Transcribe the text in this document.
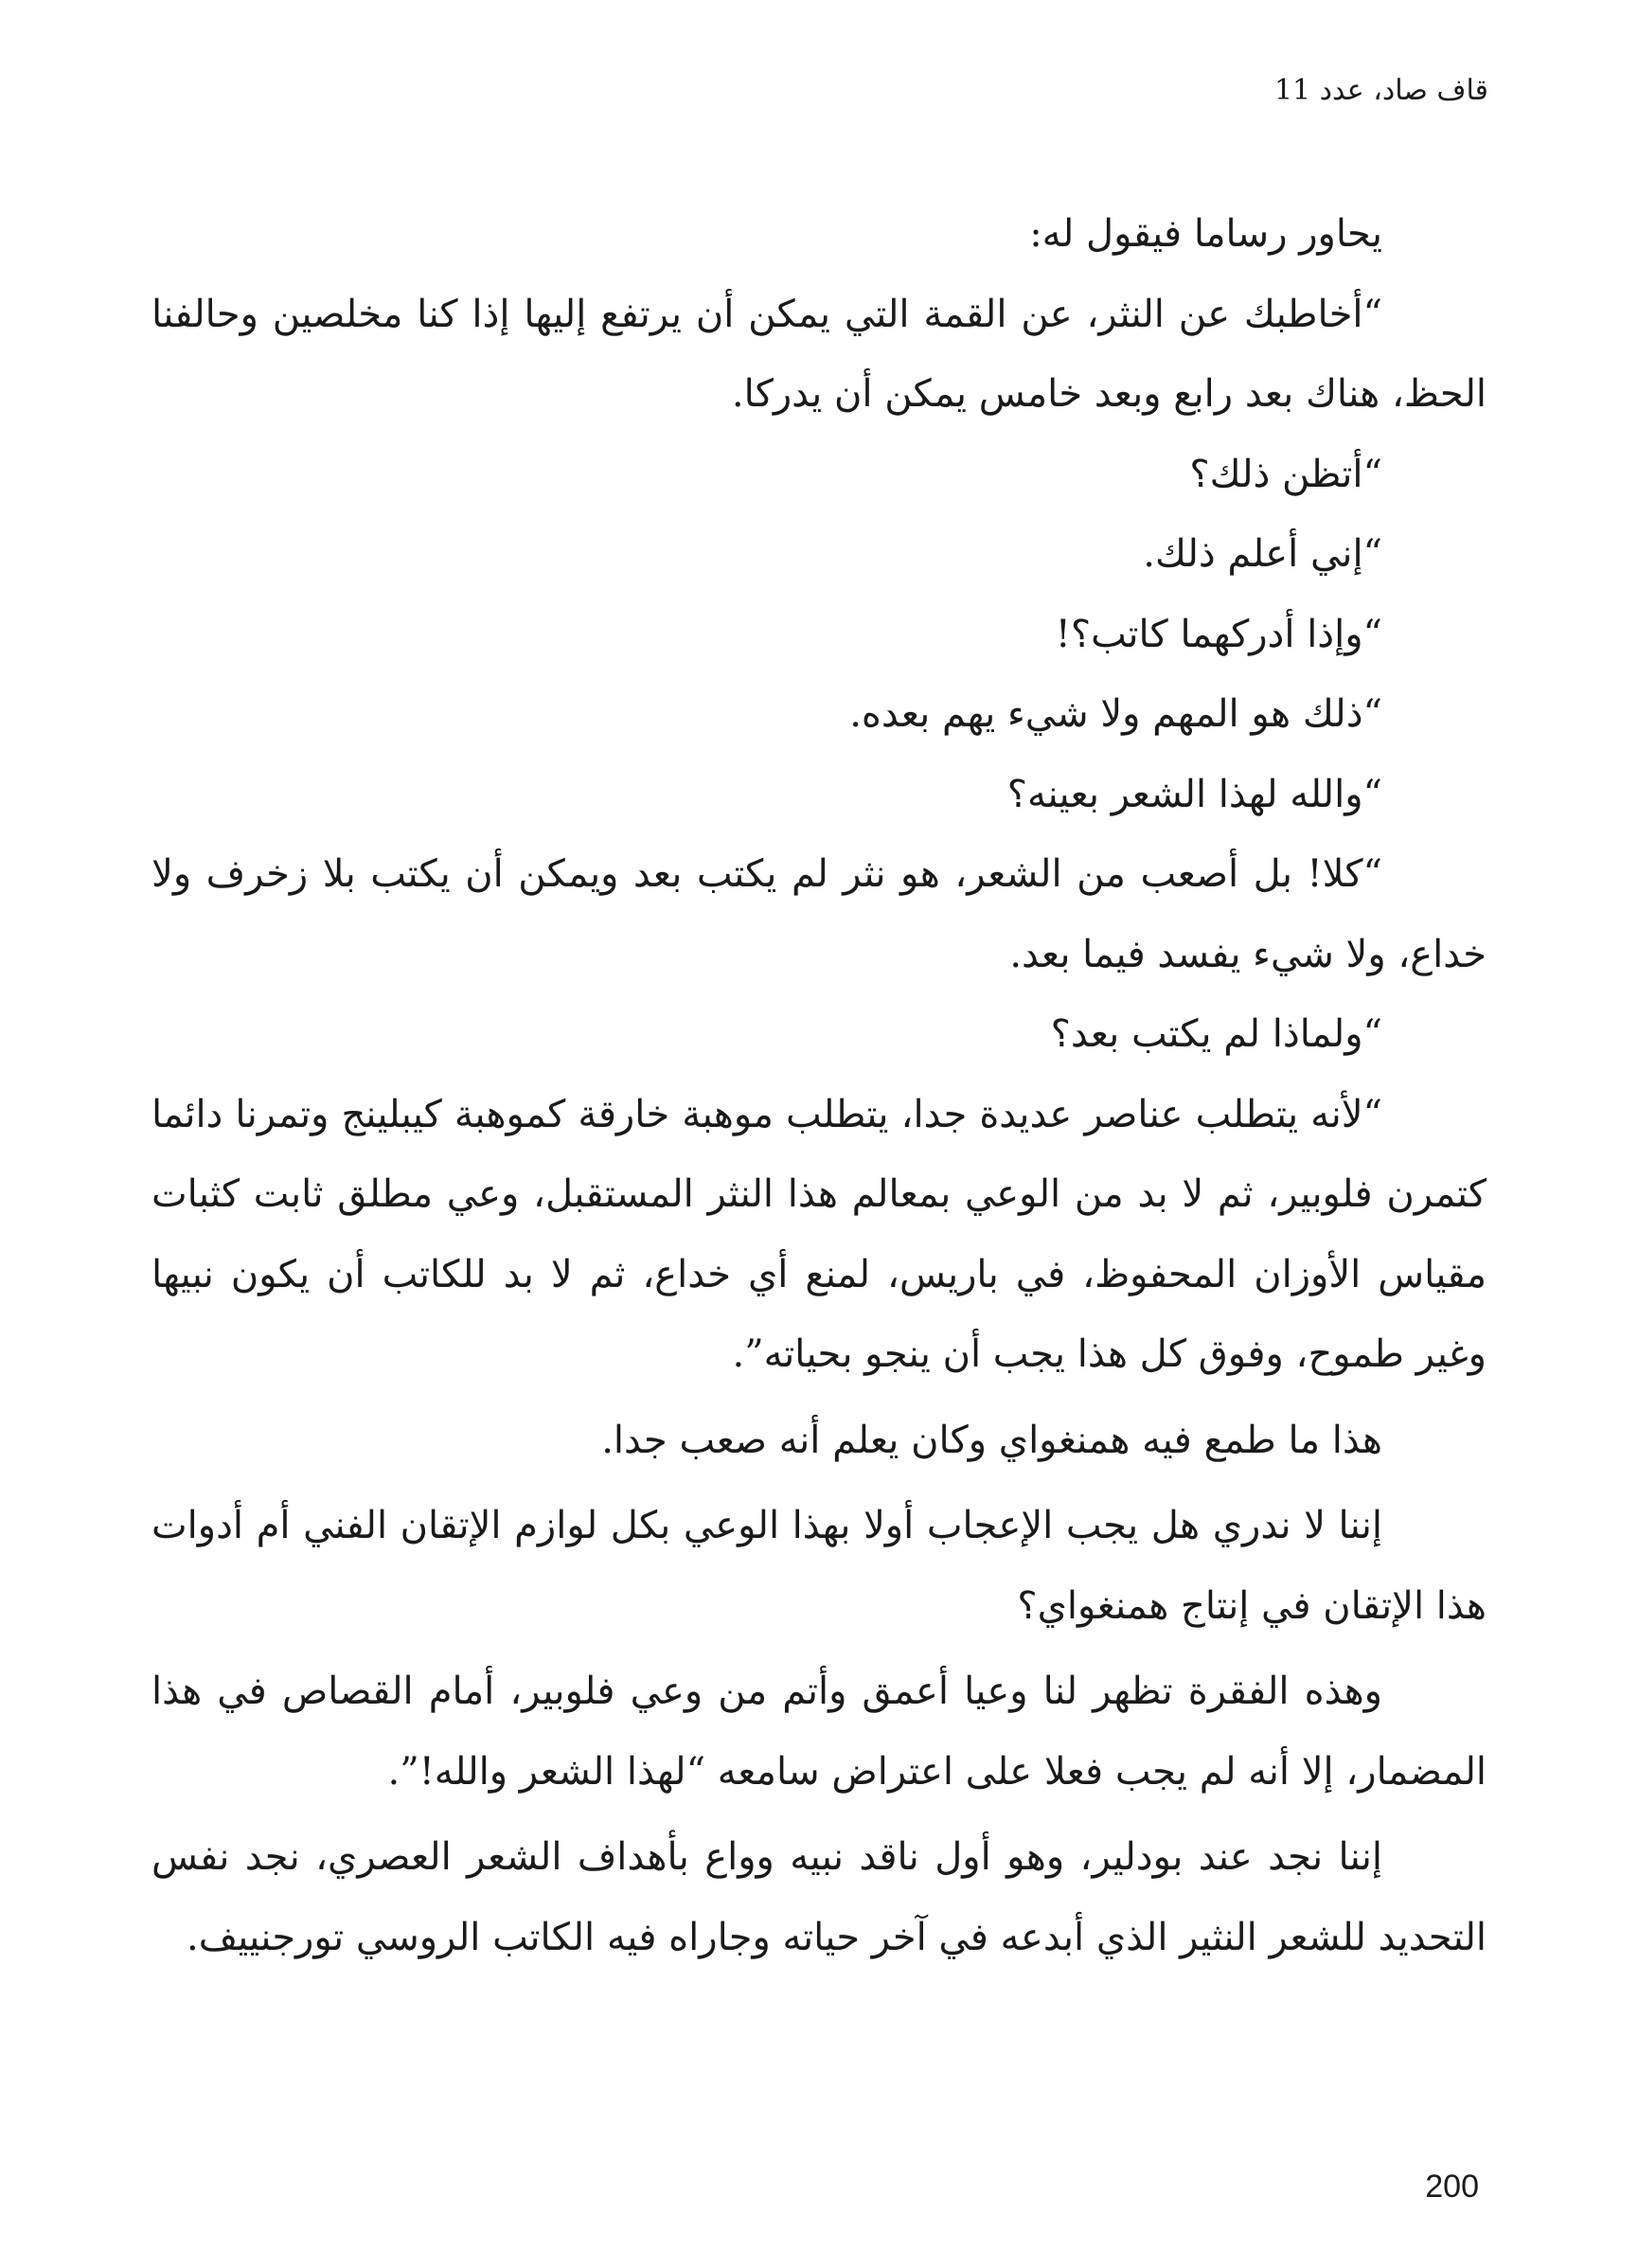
قاف صاد، عدد 11

يحاور رساما فيقول له:

“أخاطبك عن النثر، عن القمة التي يمكن أن يرتفع إليها إذا كنا مخلصين وحالفنا الحظ، هناك بعد رابع وبعد خامس يمكن أن يدركا.

“أتظن ذلك؟

“إني أعلم ذلك.

“وإذا أدركهما كاتب؟!

“ذلك هو المهم ولا شيء يهم بعده.

“والله لهذا الشعر بعينه؟

“كلا! بل أصعب من الشعر، هو نثر لم يكتب بعد ويمكن أن يكتب بلا زخرف ولا خداع، ولا شيء يفسد فيما بعد.

“ولماذا لم يكتب بعد؟

“لأنه يتطلب عناصر عديدة جدا، يتطلب موهبة خارقة كموهبة كيبلينج وتمرنا دائما كتمرن فلوبير، ثم لا بد من الوعي بمعالم هذا النثر المستقبل، وعي مطلق ثابت كثبات مقياس الأوزان المحفوظ، في باريس، لمنع أي خداع، ثم لا بد للكاتب أن يكون نبيها وغير طموح، وفوق كل هذا يجب أن ينجو بحياته”.

هذا ما طمع فيه همنغواي وكان يعلم أنه صعب جدا.

إننا لا ندري هل يجب الإعجاب أولا بهذا الوعي بكل لوازم الإتقان الفني أم أدوات هذا الإتقان في إنتاج همنغواي؟

وهذه الفقرة تظهر لنا وعيا أعمق وأتم من وعي فلوبير، أمام القصاص في هذا المضمار، إلا أنه لم يجب فعلا على اعتراض سامعه “لهذا الشعر والله!”.

إننا نجد عند بودلير، وهو أول ناقد نبيه وواع بأهداف الشعر العصري، نجد نفس التحديد للشعر النثير الذي أبدعه في آخر حياته وجاراه فيه الكاتب الروسي تورجنييف.

200
